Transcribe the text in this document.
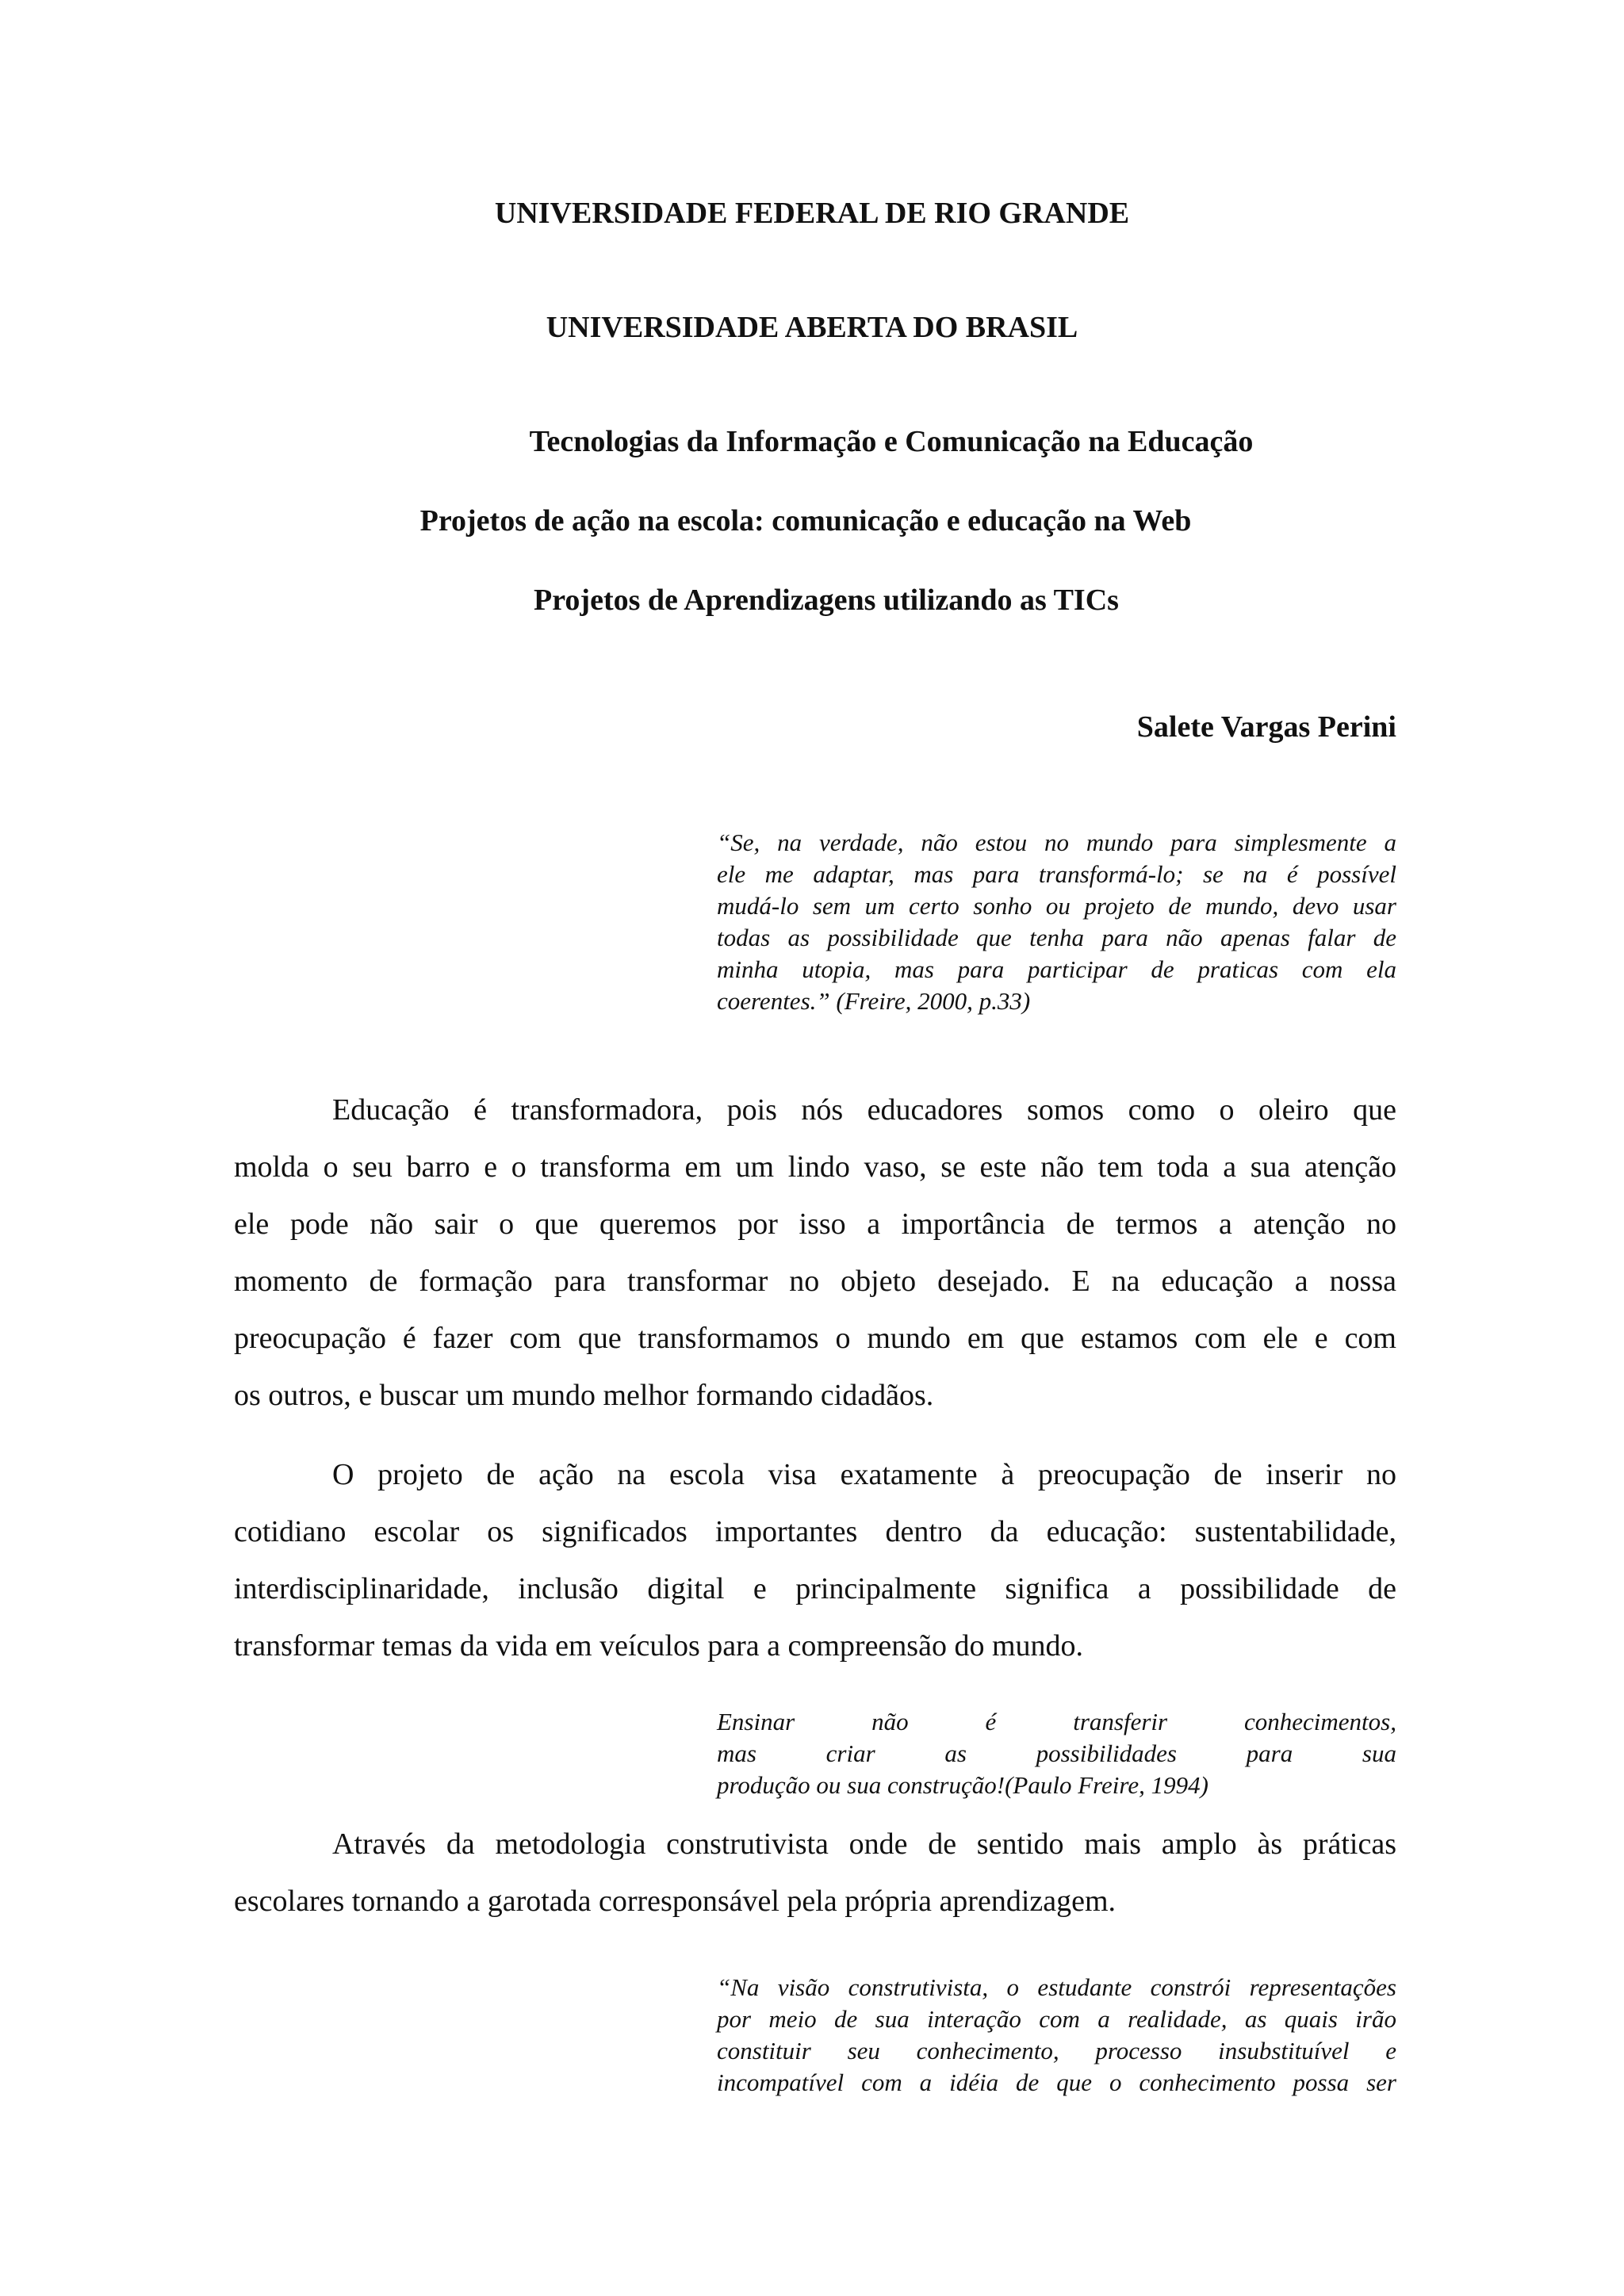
UNIVERSIDADE FEDERAL DE RIO GRANDE
UNIVERSIDADE ABERTA DO BRASIL
Tecnologias da Informação e Comunicação na Educação
Projetos de ação na escola: comunicação e educação na Web
Projetos de Aprendizagens utilizando as TICs
Salete Vargas Perini
“Se, na verdade, não estou no mundo para simplesmente a
ele me adaptar, mas para transformá-lo; se na é possível
mudá-lo sem um certo sonho ou projeto de mundo, devo usar
todas as possibilidade que tenha para não apenas falar de
minha utopia, mas para participar de praticas com ela
coerentes.” (Freire, 2000, p.33)
Educação é transformadora, pois nós educadores somos como o oleiro que
molda o seu barro e o transforma em um lindo vaso, se este não tem toda a sua atenção
ele pode não sair o que queremos por isso a importância de termos a atenção no
momento de formação para transformar no objeto desejado. E na educação a nossa
preocupação é fazer com que transformamos o mundo em que estamos com ele e com
os outros, e buscar um mundo melhor formando cidadãos.
O projeto de ação na escola visa exatamente à preocupação de inserir no
cotidiano escolar os significados importantes dentro da educação: sustentabilidade,
interdisciplinaridade, inclusão digital e principalmente significa a possibilidade de
transformar temas da vida em veículos para a compreensão do mundo.
Ensinar não é transferir conhecimentos,
mas criar as possibilidades para sua
produção ou sua construção!(Paulo Freire, 1994)
Através da metodologia construtivista onde de sentido mais amplo às práticas
escolares tornando a garotada corresponsável pela própria aprendizagem.
“Na visão construtivista, o estudante constrói representações
por meio de sua interação com a realidade, as quais irão
constituir seu conhecimento, processo insubstituível e
incompatível com a idéia de que o conhecimento possa ser
